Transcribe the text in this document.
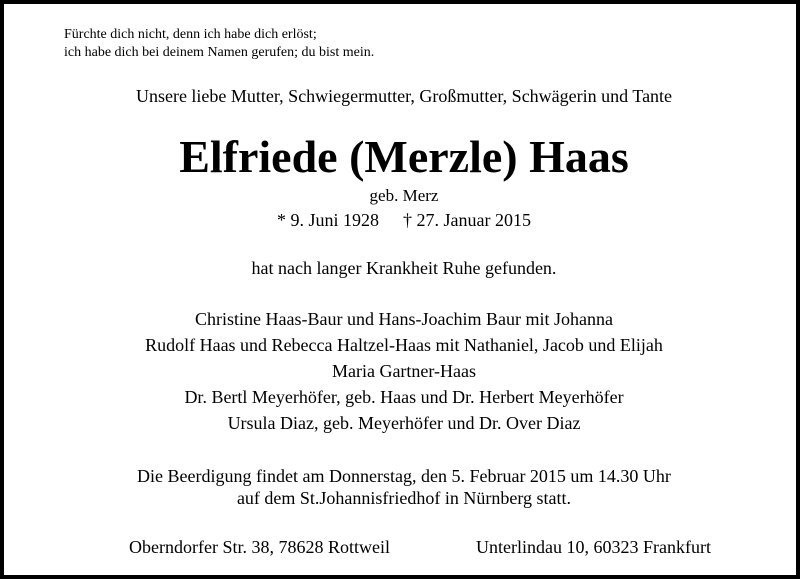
Fürchte dich nicht, denn ich habe dich erlöst;
ich habe dich bei deinem Namen gerufen; du bist mein.
Unsere liebe Mutter, Schwiegermutter, Großmutter, Schwägerin und Tante
Elfriede (Merzle) Haas
geb. Merz
* 9. Juni 1928 † 27. Januar 2015
hat nach langer Krankheit Ruhe gefunden.
Christine Haas-Baur und Hans-Joachim Baur mit Johanna
Rudolf Haas und Rebecca Haltzel-Haas mit Nathaniel, Jacob und Elijah
Maria Gartner-Haas
Dr. Bertl Meyerhöfer, geb. Haas und Dr. Herbert Meyerhöfer
Ursula Diaz, geb. Meyerhöfer und Dr. Over Diaz
Die Beerdigung findet am Donnerstag, den 5. Februar 2015 um 14.30 Uhr
auf dem St.Johannisfriedhof in Nürnberg statt.
Oberndorfer Str. 38, 78628 Rottweil	Unterlindau 10, 60323 Frankfurt
